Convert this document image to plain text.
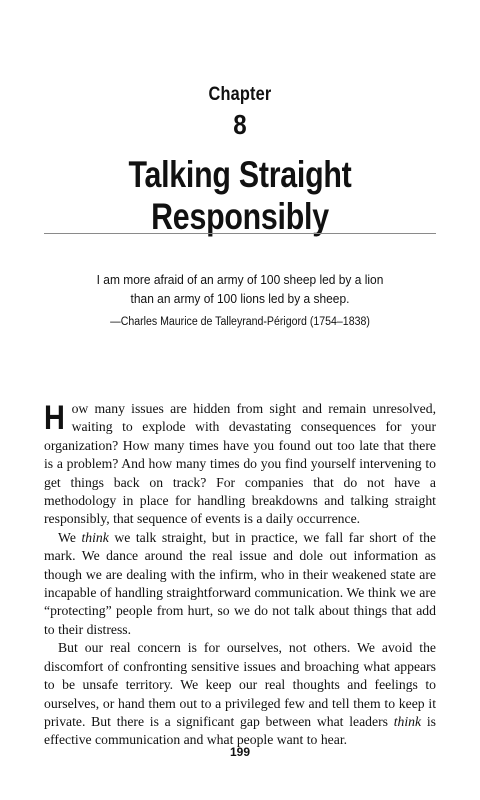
Chapter
8
Talking Straight
Responsibly
I am more afraid of an army of 100 sheep led by a lion
than an army of 100 lions led by a sheep.
—Charles Maurice de Talleyrand-Périgord (1754–1838)

How many issues are hidden from sight and remain unresolved, waiting to explode with devastating consequences for your organization? How many times have you found out too late that there is a problem? And how many times do you find yourself intervening to get things back on track? For companies that do not have a methodology in place for handling breakdowns and talking straight responsibly, that sequence of events is a daily occurrence.

We think we talk straight, but in practice, we fall far short of the mark. We dance around the real issue and dole out information as though we are dealing with the infirm, who in their weakened state are incapable of handling straightforward communication. We think we are “protecting” people from hurt, so we do not talk about things that add to their distress.

But our real concern is for ourselves, not others. We avoid the discomfort of confronting sensitive issues and broaching what appears to be unsafe territory. We keep our real thoughts and feelings to ourselves, or hand them out to a privileged few and tell them to keep it private. But there is a significant gap between what leaders think is effective communication and what people want to hear.

199
